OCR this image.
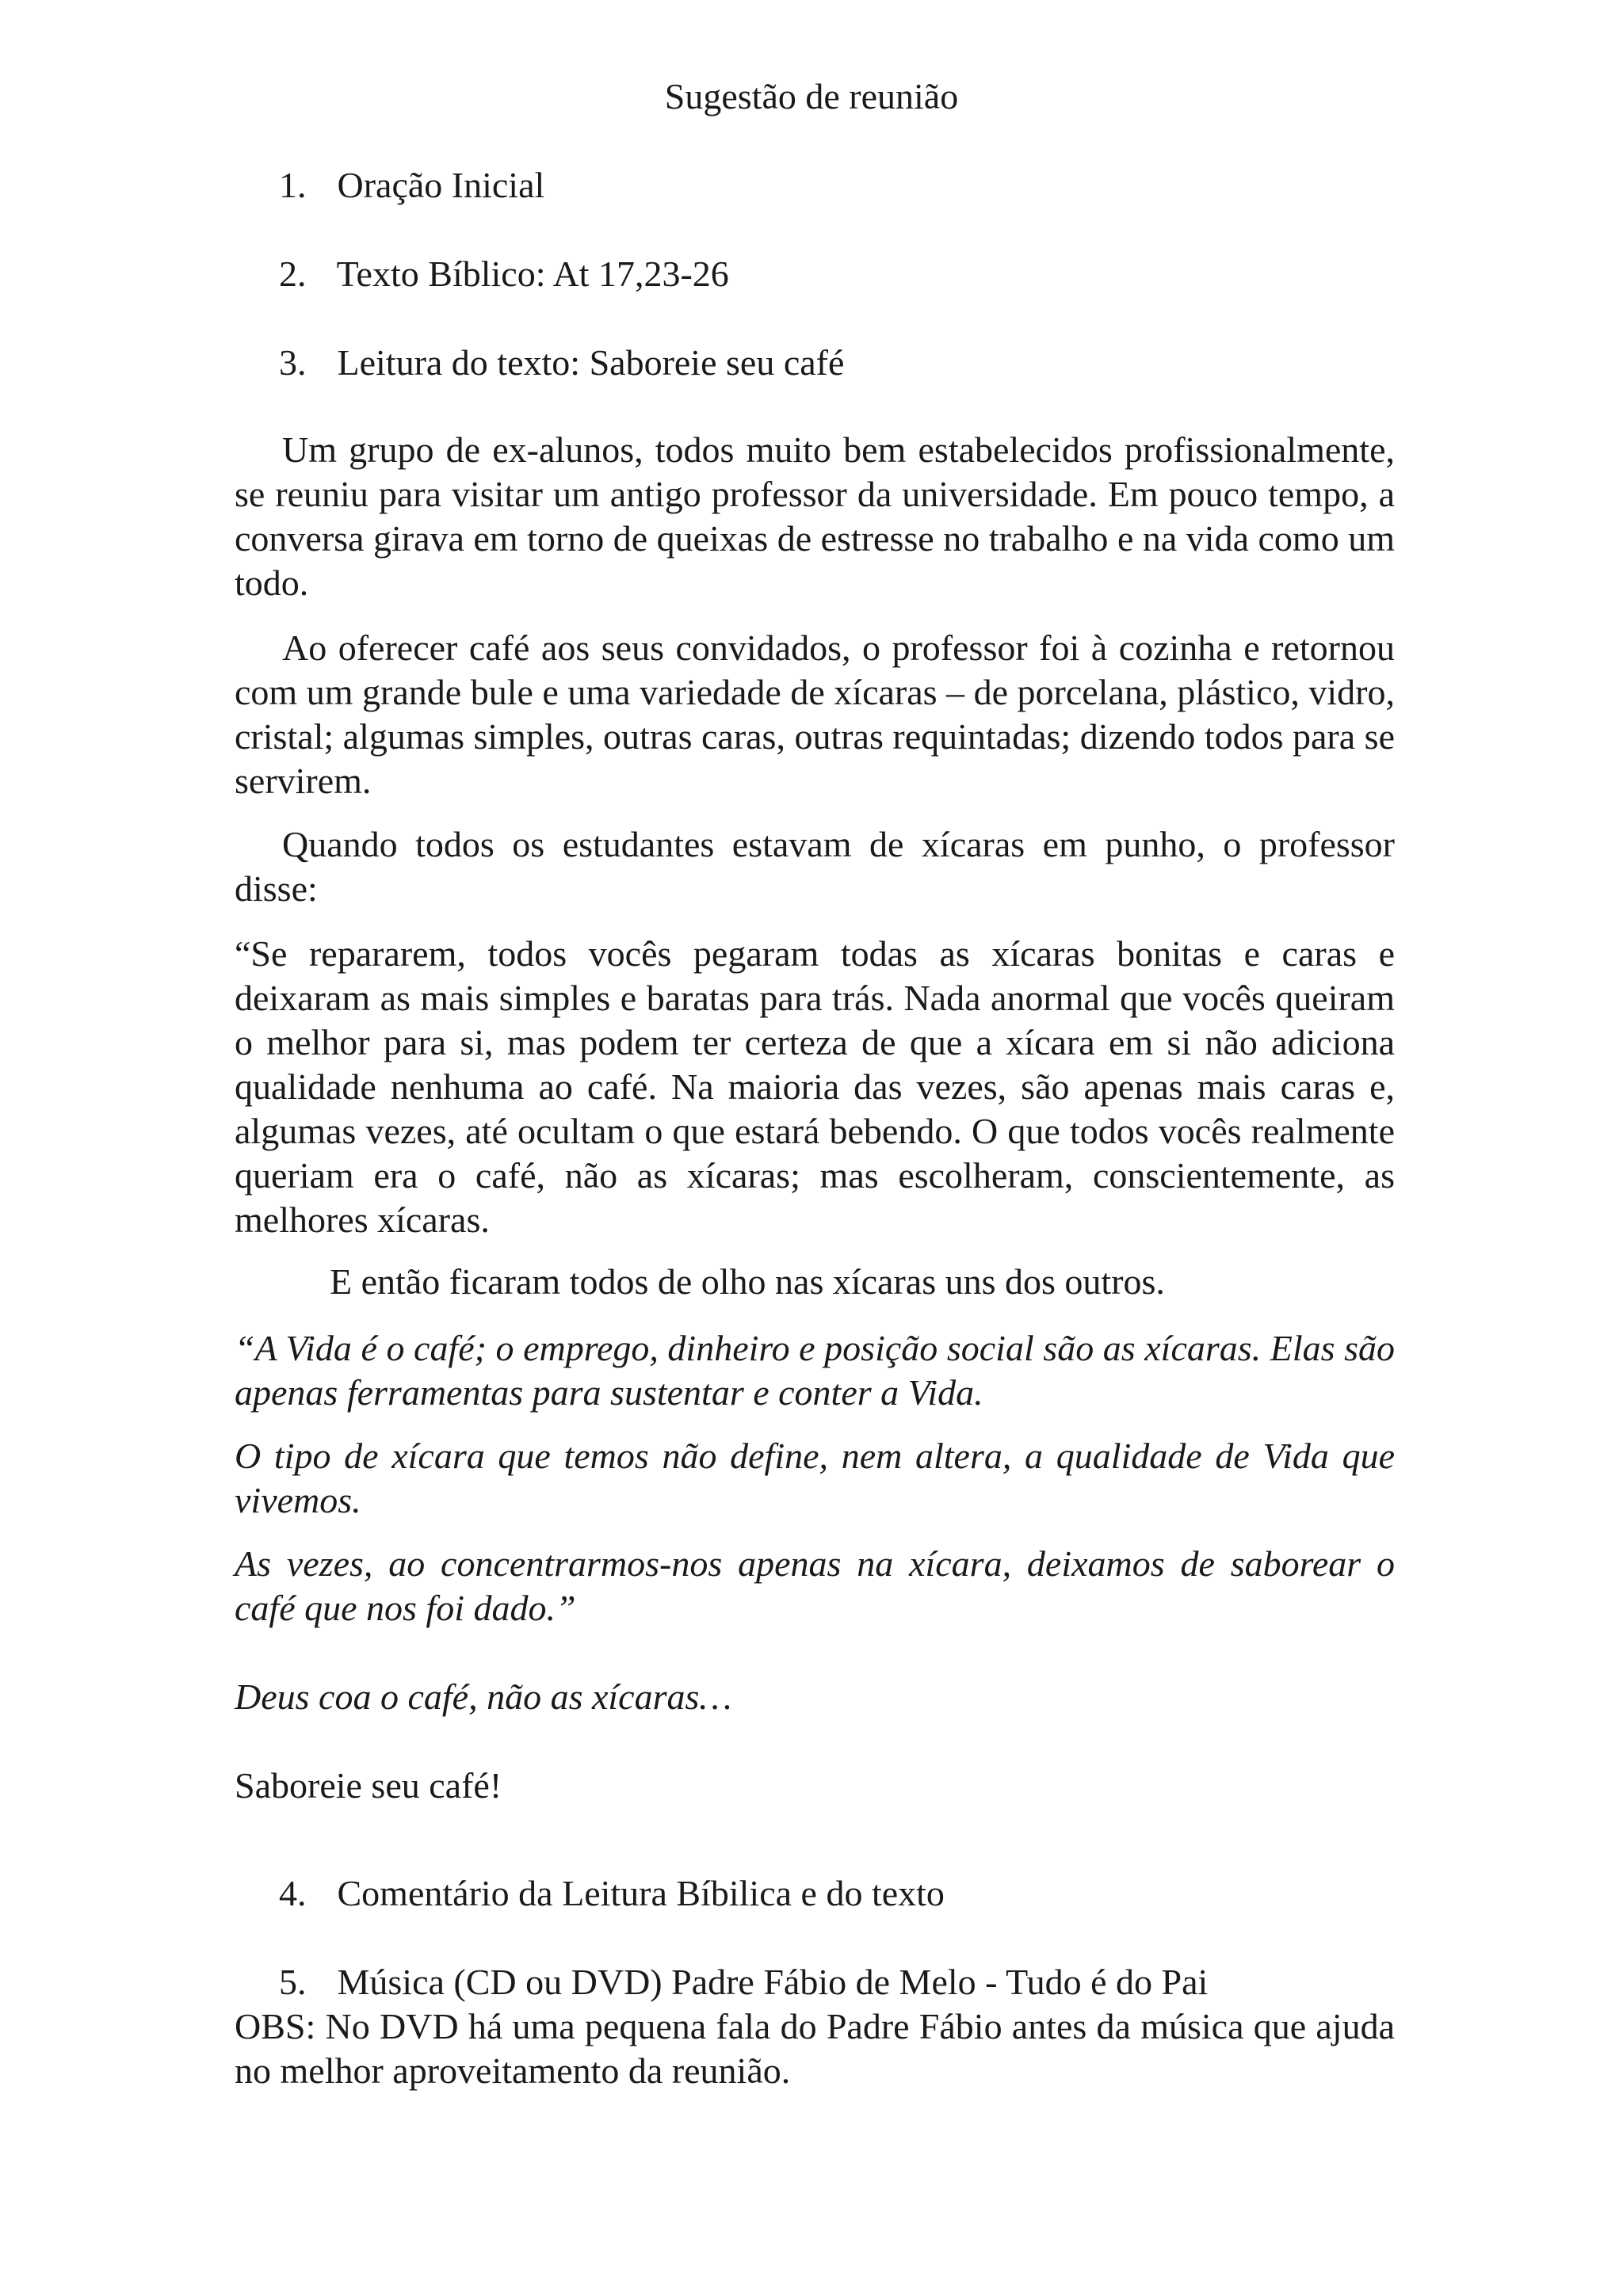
Sugestão de reunião
1. Oração Inicial
2. Texto Bíblico: At 17,23-26
3. Leitura do texto: Saboreie seu café

Um grupo de ex-alunos, todos muito bem estabelecidos profissionalmente, se reuniu para visitar um antigo professor da universidade. Em pouco tempo, a conversa girava em torno de queixas de estresse no trabalho e na vida como um todo.

Ao oferecer café aos seus convidados, o professor foi à cozinha e retornou com um grande bule e uma variedade de xícaras – de porcelana, plástico, vidro, cristal; algumas simples, outras caras, outras requintadas; dizendo todos para se servirem.

Quando todos os estudantes estavam de xícaras em punho, o professor disse:

“Se repararem, todos vocês pegaram todas as xícaras bonitas e caras e deixaram as mais simples e baratas para trás. Nada anormal que vocês queiram o melhor para si, mas podem ter certeza de que a xícara em si não adiciona qualidade nenhuma ao café. Na maioria das vezes, são apenas mais caras e, algumas vezes, até ocultam o que estará bebendo. O que todos vocês realmente queriam era o café, não as xícaras; mas escolheram, conscientemente, as melhores xícaras.

E então ficaram todos de olho nas xícaras uns dos outros.

“A Vida é o café; o emprego, dinheiro e posição social são as xícaras. Elas são apenas ferramentas para sustentar e conter a Vida.

O tipo de xícara que temos não define, nem altera, a qualidade de Vida que vivemos.

As vezes, ao concentrarmos-nos apenas na xícara, deixamos de saborear o café que nos foi dado.”

Deus coa o café, não as xícaras…

Saboreie seu café!

4. Comentário da Leitura Bíbilica e do texto
5. Música (CD ou DVD) Padre Fábio de Melo - Tudo é do Pai

OBS: No DVD há uma pequena fala do Padre Fábio antes da música que ajuda no melhor aproveitamento da reunião.
